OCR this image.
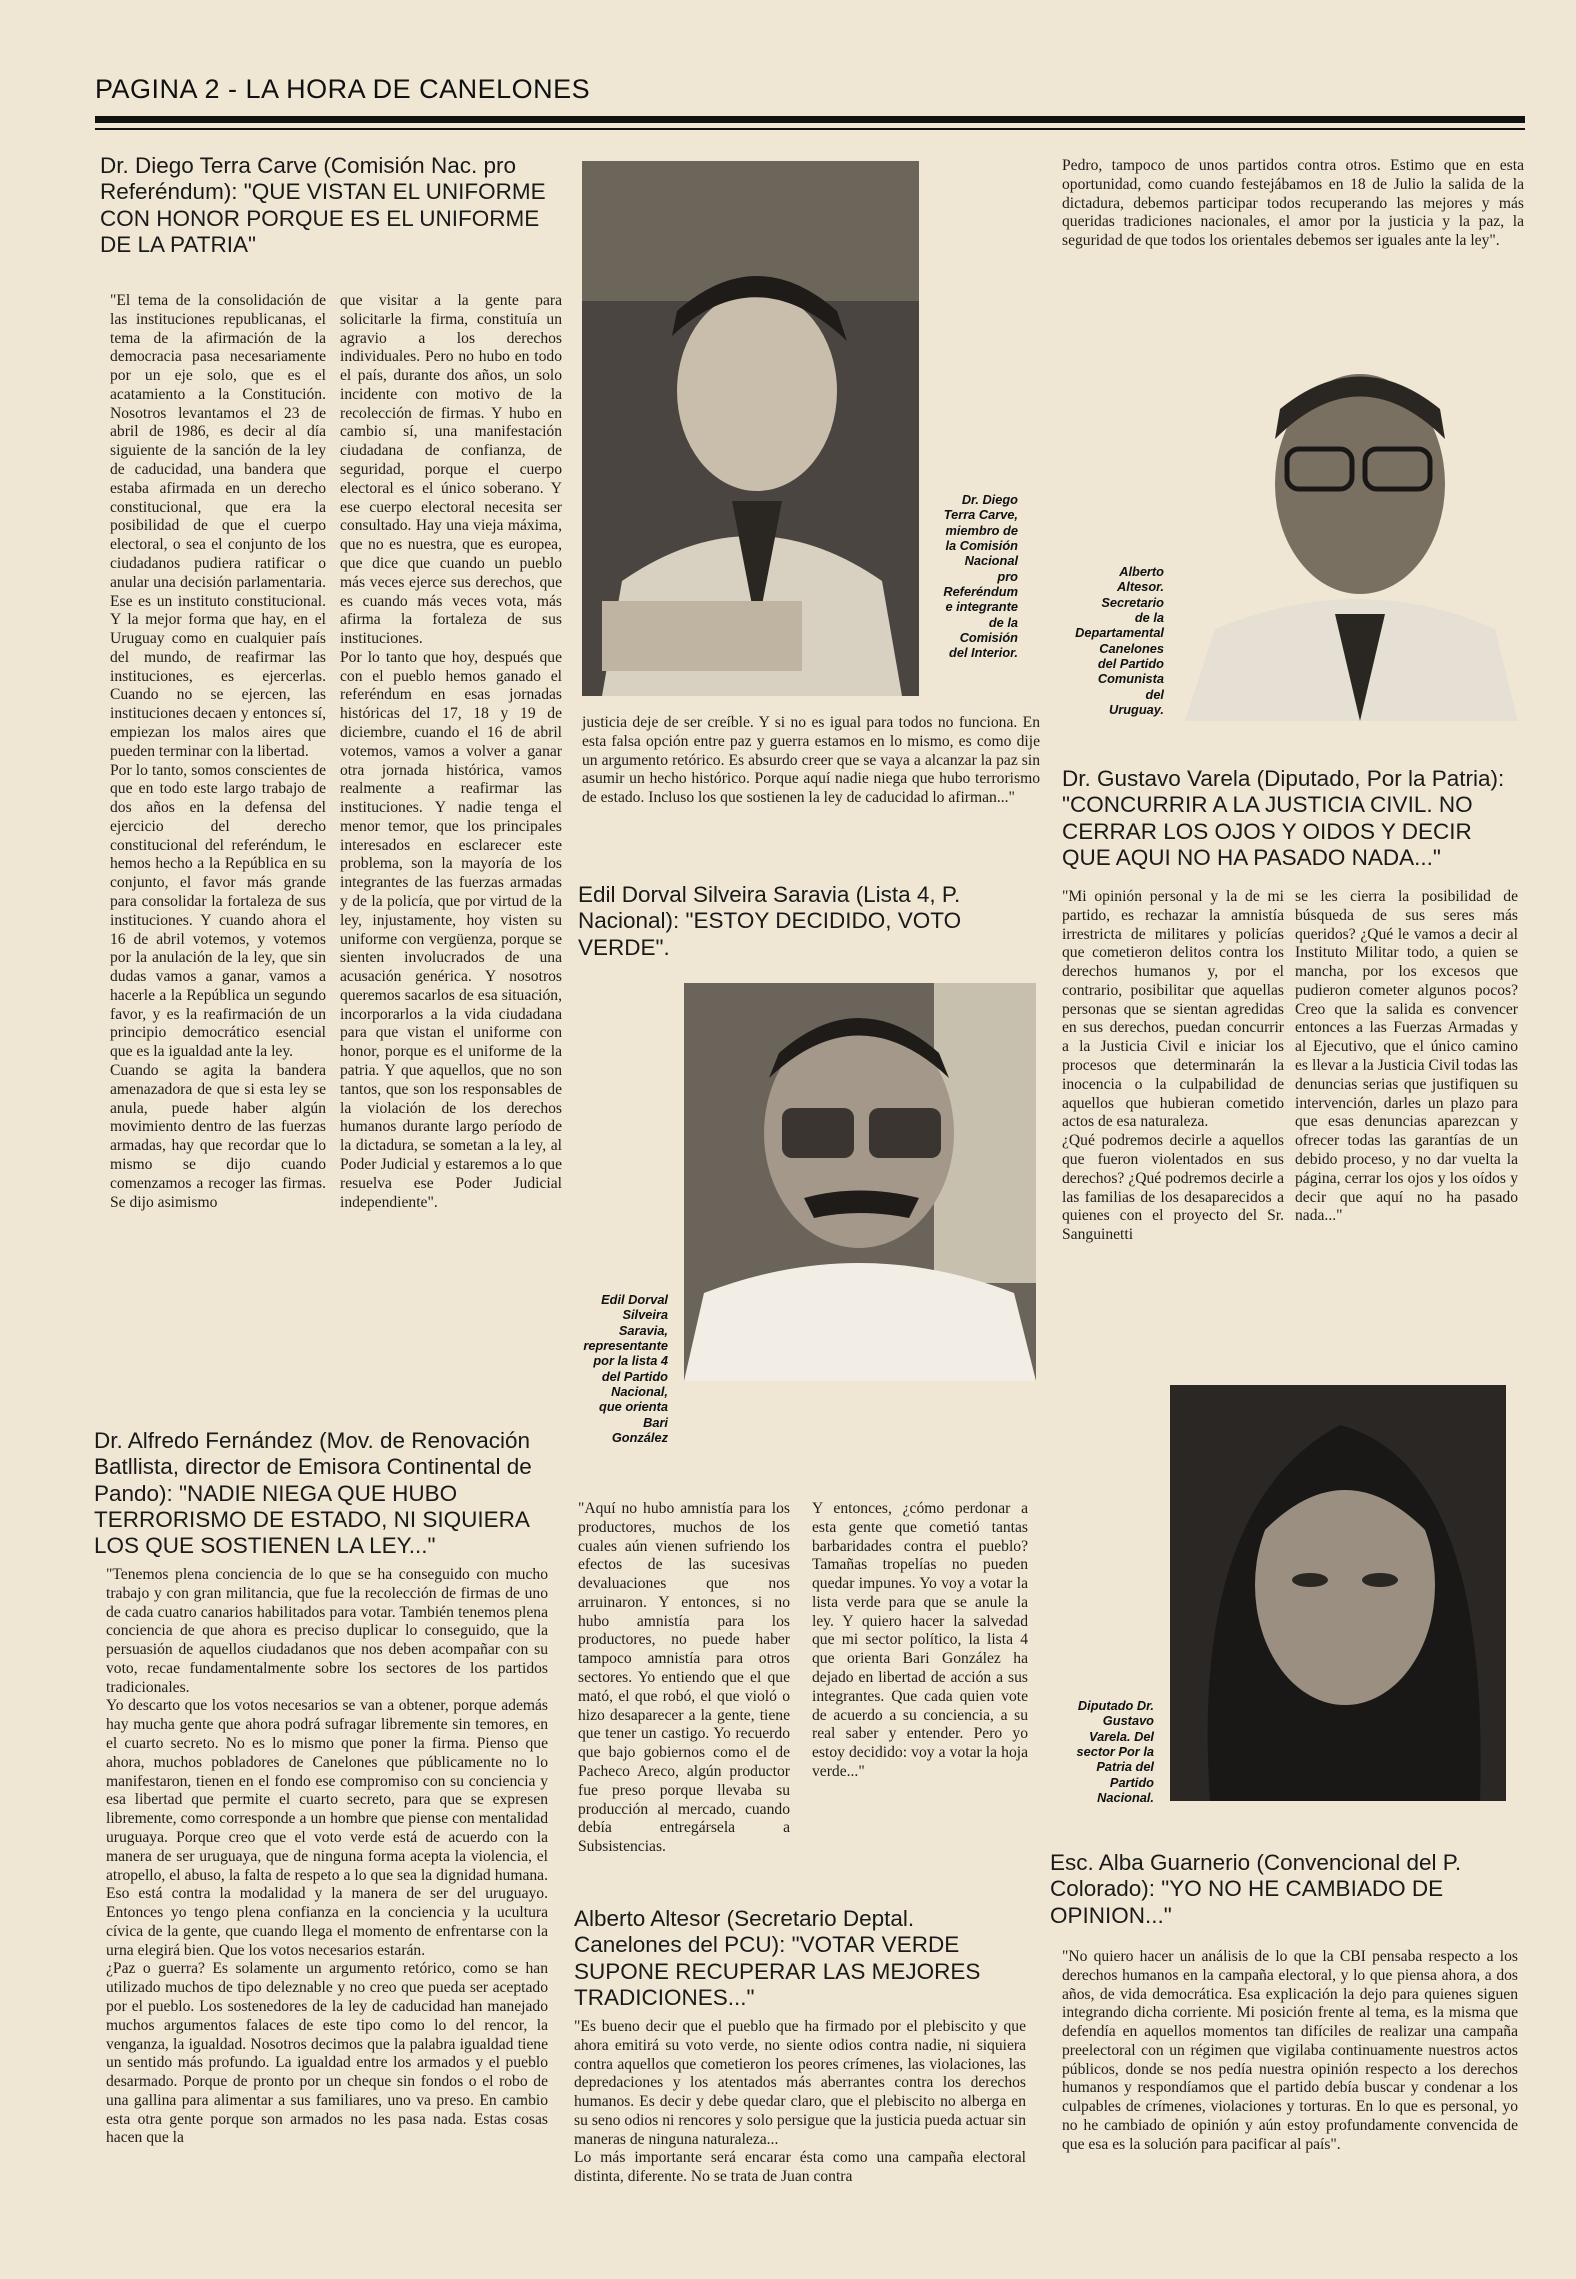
PAGINA 2 - LA HORA DE CANELONES
Dr. Diego Terra Carve (Comisión Nac. pro Referéndum): "QUE VISTAN EL UNIFORME CON HONOR PORQUE ES EL UNIFORME DE LA PATRIA"
"El tema de la consolidación de las instituciones republicanas, el tema de la afirmación de la democracia pasa necesariamente por un eje solo, que es el acatamiento a la Constitución. Nosotros levantamos el 23 de abril de 1986, es decir al día siguiente de la sanción de la ley de caducidad, una bandera que estaba afirmada en un derecho constitucional, que era la posibilidad de que el cuerpo electoral, o sea el conjunto de los ciudadanos pudiera ratificar o anular una decisión parlamentaria. Ese es un instituto constitucional. Y la mejor forma que hay, en el Uruguay como en cualquier país del mundo, de reafirmar las instituciones, es ejercerlas. Cuando no se ejercen, las instituciones decaen y entonces sí, empiezan los malos aires que pueden terminar con la libertad.
Por lo tanto, somos conscientes de que en todo este largo trabajo de dos años en la defensa del ejercicio del derecho constitucional del referéndum, le hemos hecho a la República en su conjunto, el favor más grande para consolidar la fortaleza de sus instituciones. Y cuando ahora el 16 de abril votemos, y votemos por la anulación de la ley, que sin dudas vamos a ganar, vamos a hacerle a la República un segundo favor, y es la reafirmación de un principio democrático esencial que es la igualdad ante la ley.
Cuando se agita la bandera amenazadora de que si esta ley se anula, puede haber algún movimiento dentro de las fuerzas armadas, hay que recordar que lo mismo se dijo cuando comenzamos a recoger las firmas. Se dijo asimismo
que visitar a la gente para solicitarle la firma, constituía un agravio a los derechos individuales. Pero no hubo en todo el país, durante dos años, un solo incidente con motivo de la recolección de firmas. Y hubo en cambio sí, una manifestación ciudadana de confianza, de seguridad, porque el cuerpo electoral es el único soberano. Y ese cuerpo electoral necesita ser consultado. Hay una vieja máxima, que no es nuestra, que es europea, que dice que cuando un pueblo más veces ejerce sus derechos, que es cuando más veces vota, más afirma la fortaleza de sus instituciones.
Por lo tanto que hoy, después que con el pueblo hemos ganado el referéndum en esas jornadas históricas del 17, 18 y 19 de diciembre, cuando el 16 de abril votemos, vamos a volver a ganar otra jornada histórica, vamos realmente a reafirmar las instituciones. Y nadie tenga el menor temor, que los principales interesados en esclarecer este problema, son la mayoría de los integrantes de las fuerzas armadas y de la policía, que por virtud de la ley, injustamente, hoy visten su uniforme con vergüenza, porque se sienten involucrados de una acusación genérica. Y nosotros queremos sacarlos de esa situación, incorporarlos a la vida ciudadana para que vistan el uniforme con honor, porque es el uniforme de la patria. Y que aquellos, que no son tantos, que son los responsables de la violación de los derechos humanos durante largo período de la dictadura, se sometan a la ley, al Poder Judicial y estaremos a lo que resuelva ese Poder Judicial independiente".
Dr. Diego
Terra Carve,
miembro de
la Comisión
Nacional
pro
Referéndum
e integrante
de la
Comisión
del Interior.
justicia deje de ser creíble. Y si no es igual para todos no funciona. En esta falsa opción entre paz y guerra estamos en lo mismo, es como dije un argumento retórico. Es absurdo creer que se vaya a alcanzar la paz sin asumir un hecho histórico. Porque aquí nadie niega que hubo terrorismo de estado. Incluso los que sostienen la ley de caducidad lo afirman..."
Pedro, tampoco de unos partidos contra otros. Estimo que en esta oportunidad, como cuando festejábamos en 18 de Julio la salida de la dictadura, debemos participar todos recuperando las mejores y más queridas tradiciones nacionales, el amor por la justicia y la paz, la seguridad de que todos los orientales debemos ser iguales ante la ley".
Alberto
Altesor.
Secretario
de la
Departamental
Canelones
del Partido
Comunista
del
Uruguay.
Dr. Gustavo Varela (Diputado, Por la Patria): "CONCURRIR A LA JUSTICIA CIVIL. NO CERRAR LOS OJOS Y OIDOS Y DECIR QUE AQUI NO HA PASADO NADA..."
"Mi opinión personal y la de mi partido, es rechazar la amnistía irrestricta de militares y policías que cometieron delitos contra los derechos humanos y, por el contrario, posibilitar que aquellas personas que se sientan agredidas en sus derechos, puedan concurrir a la Justicia Civil e iniciar los procesos que determinarán la inocencia o la culpabilidad de aquellos que hubieran cometido actos de esa naturaleza.
¿Qué podremos decirle a aquellos que fueron violentados en sus derechos? ¿Qué podremos decirle a las familias de los desaparecidos a quienes con el proyecto del Sr. Sanguinetti
se les cierra la posibilidad de búsqueda de sus seres más queridos? ¿Qué le vamos a decir al Instituto Militar todo, a quien se mancha, por los excesos que pudieron cometer algunos pocos? Creo que la salida es convencer entonces a las Fuerzas Armadas y al Ejecutivo, que el único camino es llevar a la Justicia Civil todas las denuncias serias que justifiquen su intervención, darles un plazo para que esas denuncias aparezcan y ofrecer todas las garantías de un debido proceso, y no dar vuelta la página, cerrar los ojos y los oídos y decir que aquí no ha pasado nada..."
Edil Dorval Silveira Saravia (Lista 4, P. Nacional): "ESTOY DECIDIDO, VOTO VERDE".
Edil Dorval
Silveira
Saravia,
representante
por la lista 4
del Partido
Nacional,
que orienta
Bari
González
"Aquí no hubo amnistía para los productores, muchos de los cuales aún vienen sufriendo los efectos de las sucesivas devaluaciones que nos arruinaron. Y entonces, si no hubo amnistía para los productores, no puede haber tampoco amnistía para otros sectores. Yo entiendo que el que mató, el que robó, el que violó o hizo desaparecer a la gente, tiene que tener un castigo. Yo recuerdo que bajo gobiernos como el de Pacheco Areco, algún productor fue preso porque llevaba su producción al mercado, cuando debía entregársela a Subsistencias.
Y entonces, ¿cómo perdonar a esta gente que cometió tantas barbaridades contra el pueblo? Tamañas tropelías no pueden quedar impunes. Yo voy a votar la lista verde para que se anule la ley. Y quiero hacer la salvedad que mi sector político, la lista 4 que orienta Bari González ha dejado en libertad de acción a sus integrantes. Que cada quien vote de acuerdo a su conciencia, a su real saber y entender. Pero yo estoy decidido: voy a votar la hoja verde..."
Dr. Alfredo Fernández (Mov. de Renovación Batllista, director de Emisora Continental de Pando): "NADIE NIEGA QUE HUBO TERRORISMO DE ESTADO, NI SIQUIERA LOS QUE SOSTIENEN LA LEY..."
"Tenemos plena conciencia de lo que se ha conseguido con mucho trabajo y con gran militancia, que fue la recolección de firmas de uno de cada cuatro canarios habilitados para votar. También tenemos plena conciencia de que ahora es preciso duplicar lo conseguido, que la persuasión de aquellos ciudadanos que nos deben acompañar con su voto, recae fundamentalmente sobre los sectores de los partidos tradicionales.
Yo descarto que los votos necesarios se van a obtener, porque además hay mucha gente que ahora podrá sufragar libremente sin temores, en el cuarto secreto. No es lo mismo que poner la firma. Pienso que ahora, muchos pobladores de Canelones que públicamente no lo manifestaron, tienen en el fondo ese compromiso con su conciencia y esa libertad que permite el cuarto secreto, para que se expresen libremente, como corresponde a un hombre que piense con mentalidad uruguaya. Porque creo que el voto verde está de acuerdo con la manera de ser uruguaya, que de ninguna forma acepta la violencia, el atropello, el abuso, la falta de respeto a lo que sea la dignidad humana. Eso está contra la modalidad y la manera de ser del uruguayo. Entonces yo tengo plena confianza en la conciencia y la ucultura cívica de la gente, que cuando llega el momento de enfrentarse con la urna elegirá bien. Que los votos necesarios estarán.
¿Paz o guerra? Es solamente un argumento retórico, como se han utilizado muchos de tipo deleznable y no creo que pueda ser aceptado por el pueblo. Los sostenedores de la ley de caducidad han manejado muchos argumentos falaces de este tipo como lo del rencor, la venganza, la igualdad. Nosotros decimos que la palabra igualdad tiene un sentido más profundo. La igualdad entre los armados y el pueblo desarmado. Porque de pronto por un cheque sin fondos o el robo de una gallina para alimentar a sus familiares, uno va preso. En cambio esta otra gente porque son armados no les pasa nada. Estas cosas hacen que la
Alberto Altesor (Secretario Deptal. Canelones del PCU): "VOTAR VERDE SUPONE RECUPERAR LAS MEJORES TRADICIONES..."
"Es bueno decir que el pueblo que ha firmado por el plebiscito y que ahora emitirá su voto verde, no siente odios contra nadie, ni siquiera contra aquellos que cometieron los peores crímenes, las violaciones, las depredaciones y los atentados más aberrantes contra los derechos humanos. Es decir y debe quedar claro, que el plebiscito no alberga en su seno odios ni rencores y solo persigue que la justicia pueda actuar sin maneras de ninguna naturaleza...
Lo más importante será encarar ésta como una campaña electoral distinta, diferente. No se trata de Juan contra
Diputado Dr.
Gustavo
Varela. Del
sector Por la
Patria del
Partido
Nacional.
Esc. Alba Guarnerio (Convencional del P. Colorado): "YO NO HE CAMBIADO DE OPINION..."
"No quiero hacer un análisis de lo que la CBI pensaba respecto a los derechos humanos en la campaña electoral, y lo que piensa ahora, a dos años, de vida democrática. Esa explicación la dejo para quienes siguen integrando dicha corriente. Mi posición frente al tema, es la misma que defendía en aquellos momentos tan difíciles de realizar una campaña preelectoral con un régimen que vigilaba continuamente nuestros actos públicos, donde se nos pedía nuestra opinión respecto a los derechos humanos y respondíamos que el partido debía buscar y condenar a los culpables de crímenes, violaciones y torturas. En lo que es personal, yo no he cambiado de opinión y aún estoy profundamente convencida de que esa es la solución para pacificar al país".
